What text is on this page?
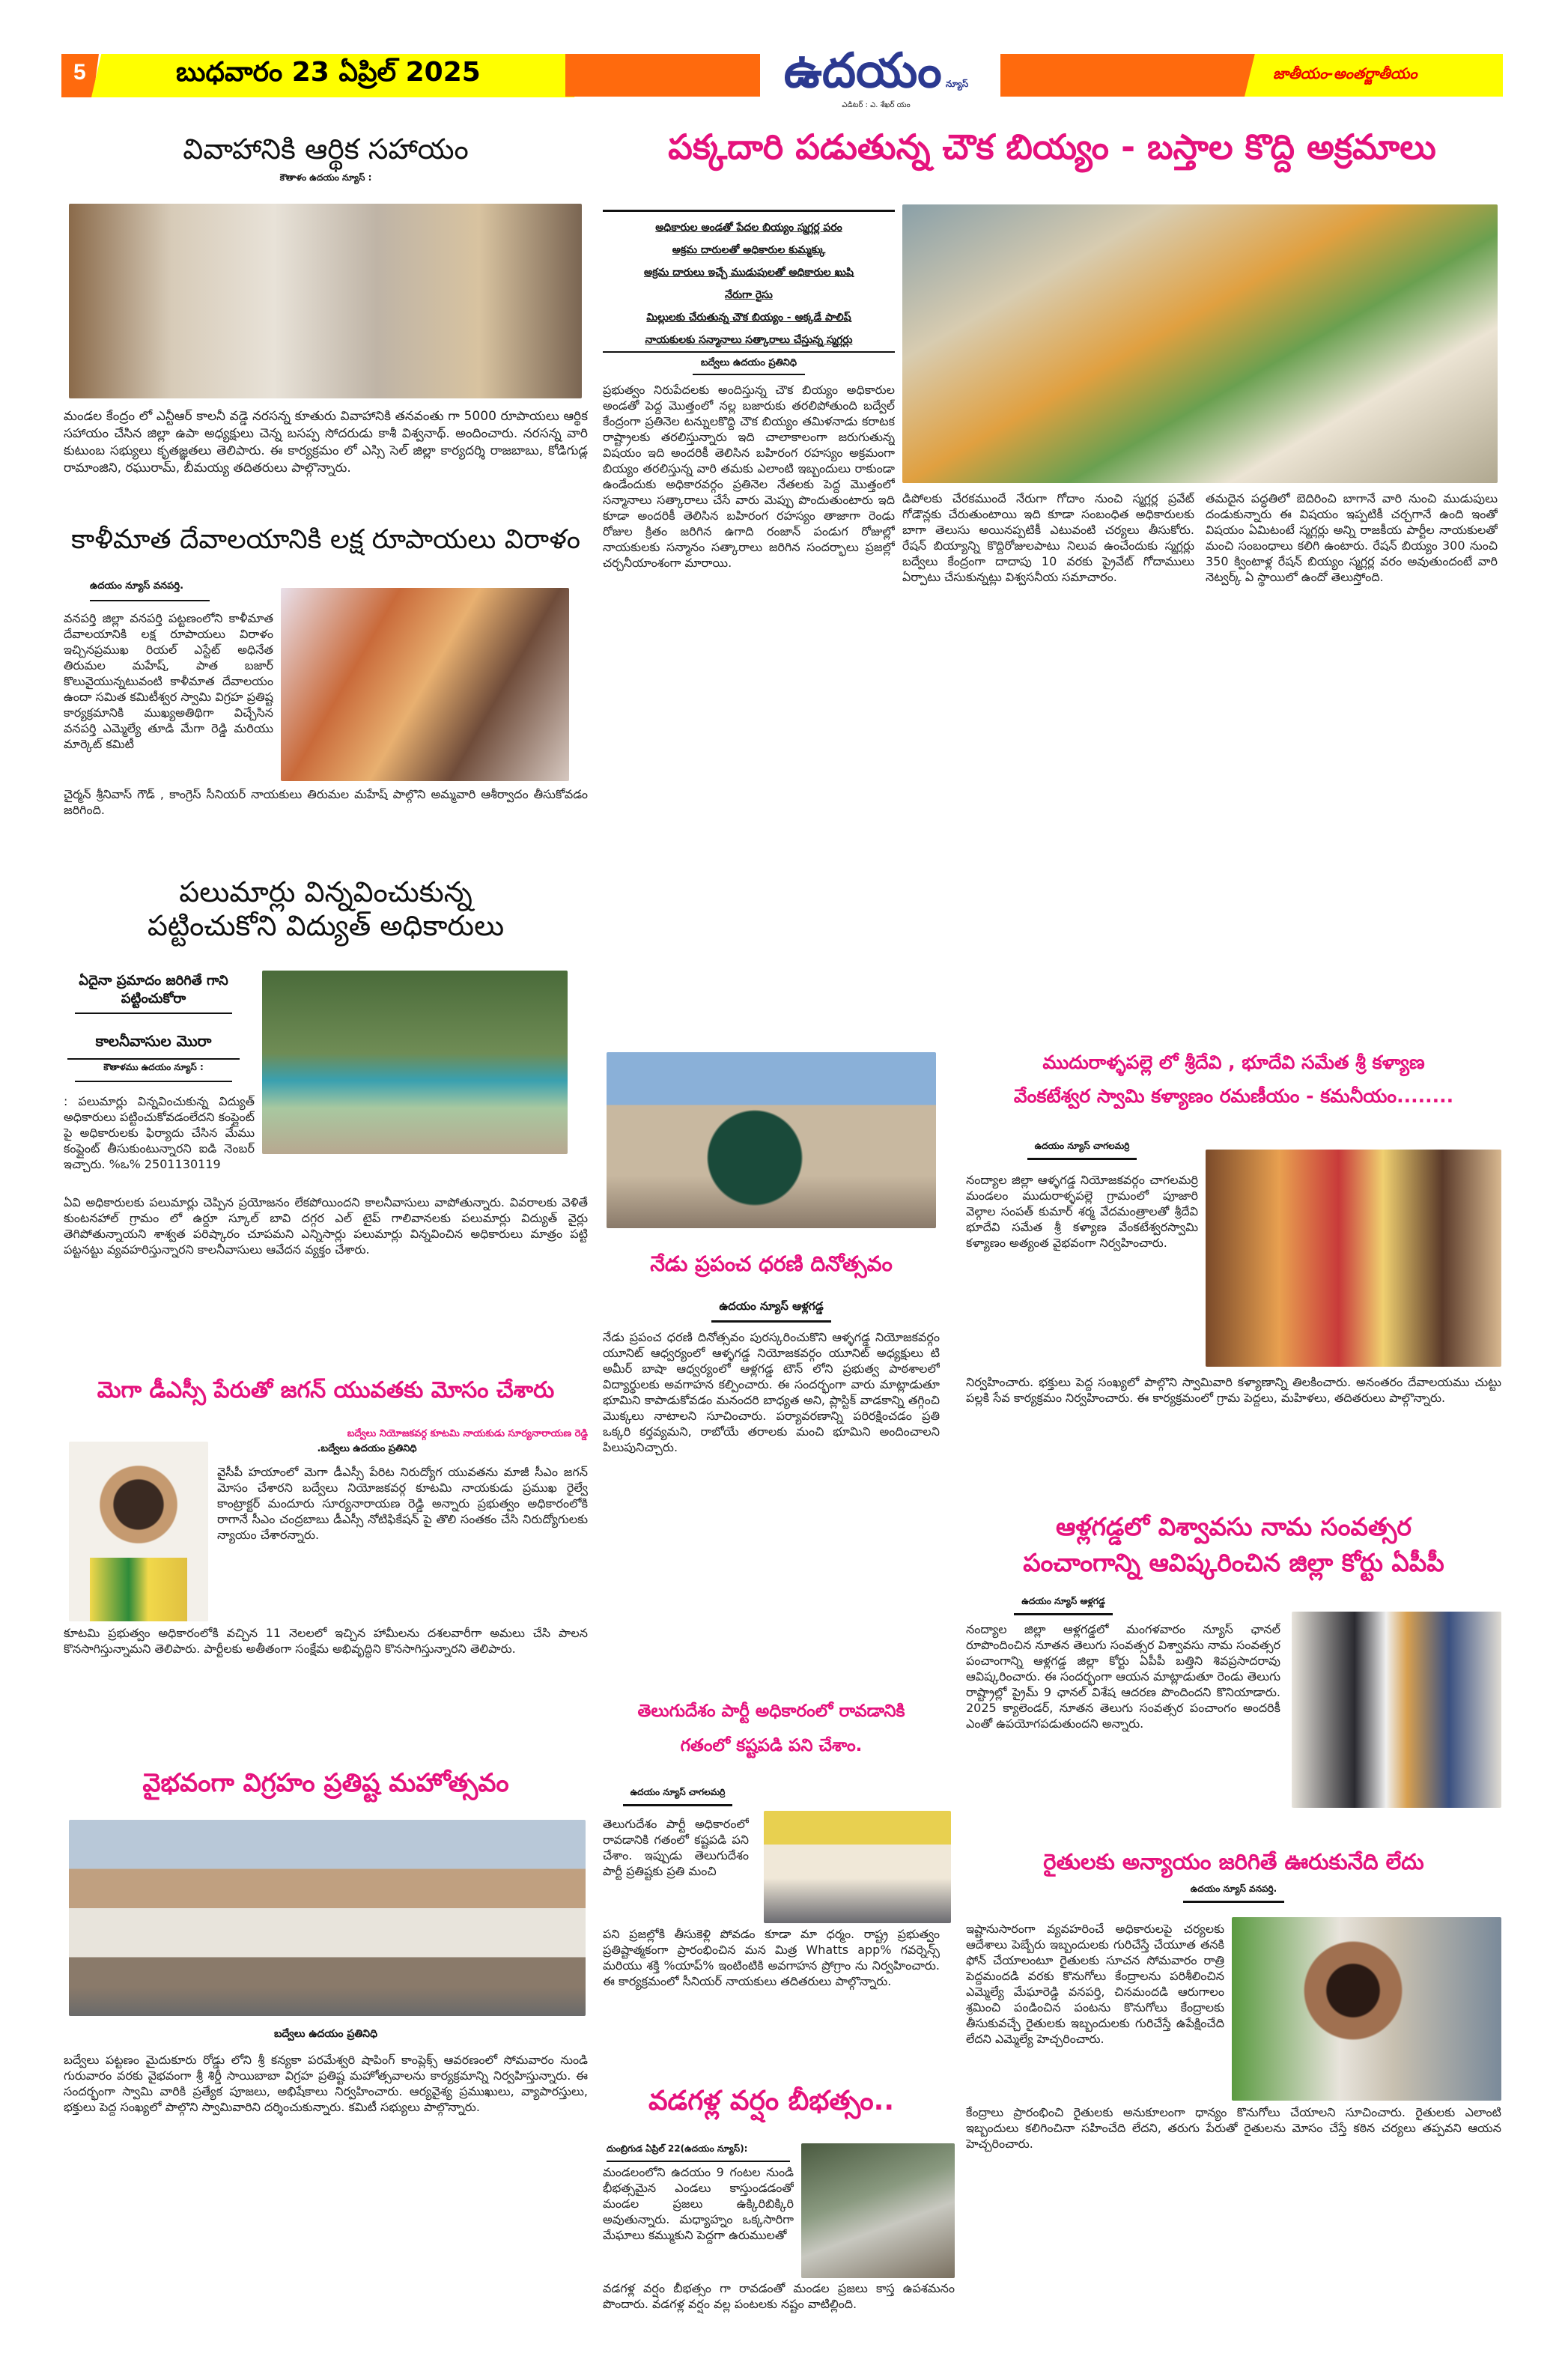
5	బుధవారం 23 ఏప్రిల్ 2025	ఉదయం న్యూస్
ఎడిటర్ : ఎ. శేఖర్ యం
జాతీయం-అంతర్జాతీయం
వివాహానికి ఆర్థిక సహాయం
కౌతాళం ఉదయం న్యూస్ :
మండల కేంద్రం లో ఎన్టీఆర్ కాలనీ వడ్డె నరసన్న కూతురు వివాహానికి తనవంతు గా 5000 రూపాయలు ఆర్థిక సహాయం చేసిన జిల్లా ఉపా అధ్యక్షులు చెన్న బసప్ప సోదరుడు కాశీ విశ్వనాథ్. అందించారు. నరసన్న వారి కుటుంబ సభ్యులు కృతజ్ఞతలు తెలిపారు. ఈ కార్యక్రమం లో ఎస్సి సెల్ జిల్లా కార్యదర్శి రాజబాబు, కోడిగుడ్ల రామాంజిని, రఘురామ్, బీమయ్య తదితరులు పాల్గొన్నారు.
కాళీమాత దేవాలయానికి లక్ష రూపాయలు విరాళం
ఉదయం న్యూస్ వనపర్తి.
వనపర్తి జిల్లా వనపర్తి పట్టణంలోని కాళీమాత దేవాలయానికి లక్ష రూపాయలు విరాళం ఇచ్చినప్రముఖ రియల్ ఎస్టేట్ అధినేత తిరుమల మహేష్, పాత బజార్ కొలువైయున్నటువంటి కాళీమాత దేవాలయం ఉందా సమిత కమిటీశ్వర స్వామి విగ్రహ ప్రతిష్ట కార్యక్రమానికి ముఖ్యఅతిథిగా విచ్చేసిన వనపర్తి ఎమ్మెల్యే తూడి మేగా రెడ్డి మరియు మార్కెట్ కమిటీ
చైర్మన్ శ్రీనివాస్ గౌడ్ , కాంగ్రెస్ సీనియర్ నాయకులు తిరుమల మహేష్ పాల్గొని అమ్మవారి ఆశీర్వాదం తీసుకోవడం జరిగింది.
పలుమార్లు విన్నవించుకున్న
పట్టించుకోని విద్యుత్ అధికారులు
ఏదైనా ప్రమాదం జరిగితే గాని పట్టించుకోరా
కాలనీవాసుల మొరా
కౌతాళము ఉదయం న్యూస్ :
: పలుమార్లు విన్నవించుకున్న విద్యుత్ అధికారులు పట్టించుకోవడంలేదని కంప్లైంట్ పై అధికారులకు ఫిర్యాదు చేసిన మేము కంప్లైంట్ తీసుకుంటున్నారని ఐడి నెంబర్ ఇచ్చారు. %ఒ% 2501130119
ఏవి అధికారులకు పలుమార్లు చెప్పిన ప్రయోజనం లేకపోయిందని కాలనీవాసులు వాపోతున్నారు. వివరాలకు వెళితే కుంటనహాల్ గ్రామం లో ఉర్దూ స్కూల్ బావి దగ్గర ఎల్ టైప్ గాలివానలకు పలుమార్లు విద్యుత్ వైర్లు తెగిపోతున్నాయని శాశ్వత పరిష్కారం చూపమని ఎన్నిసార్లు పలుమార్లు విన్నవించిన అధికారులు మాత్రం పట్టి పట్టనట్టు వ్యవహరిస్తున్నారని కాలనీవాసులు ఆవేదన వ్యక్తం చేశారు.
మెగా డీఎస్సీ పేరుతో జగన్ యువతకు మోసం చేశారు
బద్వేలు నియోజకవర్గ కూటమి నాయకుడు సూర్యనారాయణ రెడ్డి
.బద్వేలు ఉదయం ప్రతినిధి
వైసీపీ హయాంలో మెగా డీఎస్సీ పేరిట నిరుద్యోగ యువతను మాజీ సీఎం జగన్ మోసం చేశారని బద్వేలు నియోజకవర్గ కూటమి నాయకుడు ప్రముఖ రైల్వే కాంట్రాక్టర్ మందూరు సూర్యనారాయణ రెడ్డి అన్నారు ప్రభుత్వం అధికారంలోకి రాగానే సీఎం చంద్రబాబు డీఎస్సీ నోటిఫికేషన్ పై తొలి సంతకం చేసి నిరుద్యోగులకు న్యాయం చేశారన్నారు.
కూటమి ప్రభుత్వం అధికారంలోకి వచ్చిన 11 నెలలలో ఇచ్చిన హామీలను దశలవారీగా అమలు చేసి పాలన కొనసాగిస్తున్నామని తెలిపారు. పార్టీలకు అతీతంగా సంక్షేమ అభివృద్ధిని కొనసాగిస్తున్నారని తెలిపారు.
వైభవంగా విగ్రహం ప్రతిష్ట మహోత్సవం
బద్వేలు ఉదయం ప్రతినిధి
బద్వేలు పట్టణం మైదుకూరు రోడ్డు లోని శ్రీ కన్యకా పరమేశ్వరి షాపింగ్ కాంప్లెక్స్ ఆవరణంలో సోమవారం నుండి గురువారం వరకు వైభవంగా శ్రీ శిర్డీ సాయిబాబా విగ్రహ ప్రతిష్ట మహోత్సవాలను కార్యక్రమాన్ని నిర్వహిస్తున్నారు. ఈ సందర్భంగా స్వామి వారికి ప్రత్యేక పూజలు, అభిషేకాలు నిర్వహించారు. ఆర్యవైశ్య ప్రముఖులు, వ్యాపారస్తులు, భక్తులు పెద్ద సంఖ్యలో పాల్గొని స్వామివారిని దర్శించుకున్నారు. కమిటీ సభ్యులు పాల్గొన్నారు.
పక్కదారి పడుతున్న చౌక బియ్యం - బస్తాల కొద్ది అక్రమాలు
అధికారుల అండతో పేదల బియ్యం స్మగ్లర్ల పరం
అక్రమ దారులతో అధికారుల కుమ్మక్కు
అక్రమ దారులు ఇచ్చే ముడుపులతో అధికారుల ఖుషి
నేరుగా రైసు
మిల్లులకు చేరుతున్న చౌక బియ్యం - అక్కడే పాలిష్
నాయకులకు సన్మానాలు సత్కారాలు చేస్తున్న స్మగ్లర్లు
బద్వేలు ఉదయం ప్రతినిధి
ప్రభుత్వం నిరుపేదలకు అందిస్తున్న చౌక బియ్యం అధికారుల అండతో పెద్ద మొత్తంలో నల్ల బజారుకు తరలిపోతుంది బద్వేల్ కేంద్రంగా ప్రతినెల టన్నులకొద్ది చౌక బియ్యం తమిళనాడు కరాటక రాష్ట్రాలకు తరలిస్తున్నారు ఇది చాలాకాలంగా జరుగుతున్న విషయం ఇది అందరికీ తెలిసిన బహిరంగ రహస్యం అక్రమంగా బియ్యం తరలిస్తున్న వారి తమకు ఎలాంటి ఇబ్బందులు రాకుండా ఉండేందుకు అధికారవర్గం ప్రతినెల నేతలకు పెద్ద మొత్తంలో సన్మానాలు సత్కారాలు చేసే వారు మెప్పు పొందుతుంటారు ఇది కూడా అందరికీ తెలిసిన బహిరంగ రహస్యం తాజాగా రెండు రోజుల క్రితం జరిగిన ఉగాది రంజాన్ పండుగ రోజుల్లో నాయకులకు సన్మానం సత్కారాలు జరిగిన సందర్భాలు ప్రజల్లో చర్చనీయాంశంగా మారాయి.
డిపోలకు చేరకముందే నేరుగా గోదాం నుంచి స్మగ్లర్ల ప్రవేట్ గోడౌన్లకు చేరుతుంటాయి ఇది కూడా సంబంధిత అధికారులకు బాగా తెలుసు అయినప్పటికీ ఎటువంటి చర్యలు తీసుకోరు. రేషన్ బియ్యాన్ని కొద్దిరోజులపాటు నిలువ ఉంచేందుకు స్మగ్లర్లు బద్వేలు కేంద్రంగా దాదాపు 10 వరకు ప్రైవేట్ గోదాములు ఏర్పాటు చేసుకున్నట్లు విశ్వసనీయ సమాచారం.
తమదైన పద్ధతిలో బెదిరించి బాగానే వారి నుంచి ముడుపులు దండుకున్నారు ఈ విషయం ఇప్పటికీ చర్చగానే ఉంది ఇంతో విషయం ఏమిటంటే స్మగ్లర్లు అన్ని రాజకీయ పార్టీల నాయకులతో మంచి సంబంధాలు కలిగి ఉంటారు. రేషన్ బియ్యం 300 నుంచి 350 క్వింటాళ్ల రేషన్ బియ్యం స్మగ్లర్ల వరం అవుతుందంటే వారి నెట్వర్క్ ఏ స్థాయిలో ఉందో తెలుస్తోంది.
నేడు ప్రపంచ ధరణి దినోత్సవం
ఉదయం న్యూస్ ఆళ్లగడ్డ
నేడు ప్రపంచ ధరణి దినోత్సవం పురస్కరించుకొని ఆళ్ళగడ్డ నియోజకవర్గం యూనిట్ ఆధ్వర్యంలో ఆళ్ళగడ్డ నియోజకవర్గం యూనిట్ అధ్యక్షులు టి అమీర్ బాషా ఆధ్వర్యంలో ఆళ్లగడ్డ టౌన్ లోని ప్రభుత్వ పాఠశాలలో విద్యార్థులకు అవగాహన కల్పించారు. ఈ సందర్భంగా వారు మాట్లాడుతూ భూమిని కాపాడుకోవడం మనందరి బాధ్యత అని, ప్లాస్టిక్ వాడకాన్ని తగ్గించి మొక్కలు నాటాలని సూచించారు. పర్యావరణాన్ని పరిరక్షించడం ప్రతి ఒక్కరి కర్తవ్యమని, రాబోయే తరాలకు మంచి భూమిని అందించాలని పిలుపునిచ్చారు.
తెలుగుదేశం పార్టీ అధికారంలో రావడానికి
గతంలో కష్టపడి పని చేశాం.
ఉదయం న్యూస్ చాగలమర్రి
తెలుగుదేశం పార్టీ అధికారంలో రావడానికి గతంలో కష్టపడి పని చేశాం. ఇప్పుడు తెలుగుదేశం పార్టీ ప్రతిష్టకు ప్రతి మంచి
పని ప్రజల్లోకి తీసుకెళ్లి పోవడం కూడా మా ధర్మం. రాష్ట్ర ప్రభుత్వం ప్రతిష్టాత్మకంగా ప్రారంభించిన మన మిత్ర Whatts app% గవర్నెన్స్ మరియు శక్తి %యాప్% ఇంటింటికి అవగాహన ప్రోగ్రాం ను నిర్వహించారు. ఈ కార్యక్రమంలో సీనియర్ నాయకులు తదితరులు పాల్గొన్నారు.
వడగళ్ల వర్షం బీభత్సం..
దుంబ్రిగుడ ఏప్రిల్ 22(ఉదయం న్యూస్):
మండలంలోని ఉదయం 9 గంటల నుండి భీభత్సమైన ఎండలు కాస్తుండడంతో మండల ప్రజలు ఉక్కిరిబిక్కిరి అవుతున్నారు. మధ్యాహ్నం ఒక్కసారిగా మేఘాలు కమ్ముకుని పెద్దగా ఉరుములతో
వడగళ్ల వర్షం బీభత్సం గా రావడంతో మండల ప్రజలు కాస్త ఉపశమనం పొందారు. వడగళ్ల వర్షం వల్ల పంటలకు నష్టం వాటిల్లింది.
ముదురాళ్ళపల్లె లో శ్రీదేవి , భూదేవి సమేత శ్రీ కళ్యాణ
వేంకటేశ్వర స్వామి కళ్యాణం రమణీయం - కమనీయం........
ఉదయం న్యూస్ చాగలమర్రి
నంద్యాల జిల్లా ఆళ్ళగడ్డ నియోజకవర్గం చాగలమర్రి మండలం ముదురాళ్ళపల్లె గ్రామంలో పూజారి వెల్గాల సంపత్ కుమార్ శర్మ వేదమంత్రాలతో శ్రీదేవి భూదేవి సమేత శ్రీ కళ్యాణ వేంకటేశ్వరస్వామి కళ్యాణం అత్యంత వైభవంగా నిర్వహించారు.
నిర్వహించారు. భక్తులు పెద్ద సంఖ్యలో పాల్గొని స్వామివారి కళ్యాణాన్ని తిలకించారు. అనంతరం దేవాలయము చుట్టు పల్లకి సేవ కార్యక్రమం నిర్వహించారు. ఈ కార్యక్రమంలో గ్రామ పెద్దలు, మహిళలు, తదితరులు పాల్గొన్నారు.
ఆళ్లగడ్డలో విశ్వావసు నామ సంవత్సర
పంచాంగాన్ని ఆవిష్కరించిన జిల్లా కోర్టు ఏపీపీ
ఉదయం న్యూస్ ఆళ్లగడ్డ
నంద్యాల జిల్లా ఆళ్లగడ్డలో మంగళవారం న్యూస్ ఛానల్ రూపొందించిన నూతన తెలుగు సంవత్సర విశ్వావసు నామ సంవత్సర పంచాంగాన్ని ఆళ్లగడ్డ జిల్లా కోర్టు ఏపీపీ బత్తిని శివప్రసాదరావు ఆవిష్కరించారు. ఈ సందర్భంగా ఆయన మాట్లాడుతూ రెండు తెలుగు రాష్ట్రాల్లో ప్రైమ్ 9 ఛానల్ విశేష ఆదరణ పొందిందని కొనియాడారు. 2025 క్యాలెండర్, నూతన తెలుగు సంవత్సర పంచాంగం అందరికీ ఎంతో ఉపయోగపడుతుందని అన్నారు.
రైతులకు అన్యాయం జరిగితే ఊరుకునేది లేదు
ఉదయం న్యూస్ వనపర్తి.
ఇష్టానుసారంగా వ్యవహరించే అధికారులపై చర్యలకు ఆదేశాలు పెబ్బేరు ఇబ్బందులకు గురిచేస్తే చేయూత తనకి ఫోన్ చేయాలంటూ రైతులకు సూచన సోమవారం రాత్రి పెద్దమందడి వరకు కొనుగోలు కేంద్రాలను పరిశీలించిన ఎమ్మెల్యే మేఘారెడ్డి వనపర్తి, చినమందడి ఆరుగాలం శ్రమించి పండించిన పంటను కొనుగోలు కేంద్రాలకు తీసుకువచ్చే రైతులకు ఇబ్బందులకు గురిచేస్తే ఉపేక్షించేది లేదని ఎమ్మెల్యే హెచ్చరించారు.
కేంద్రాలు ప్రారంభించి రైతులకు అనుకూలంగా ధాన్యం కొనుగోలు చేయాలని సూచించారు. రైతులకు ఎలాంటి ఇబ్బందులు కలిగించినా సహించేది లేదని, తరుగు పేరుతో రైతులను మోసం చేస్తే కఠిన చర్యలు తప్పవని ఆయన హెచ్చరించారు.
